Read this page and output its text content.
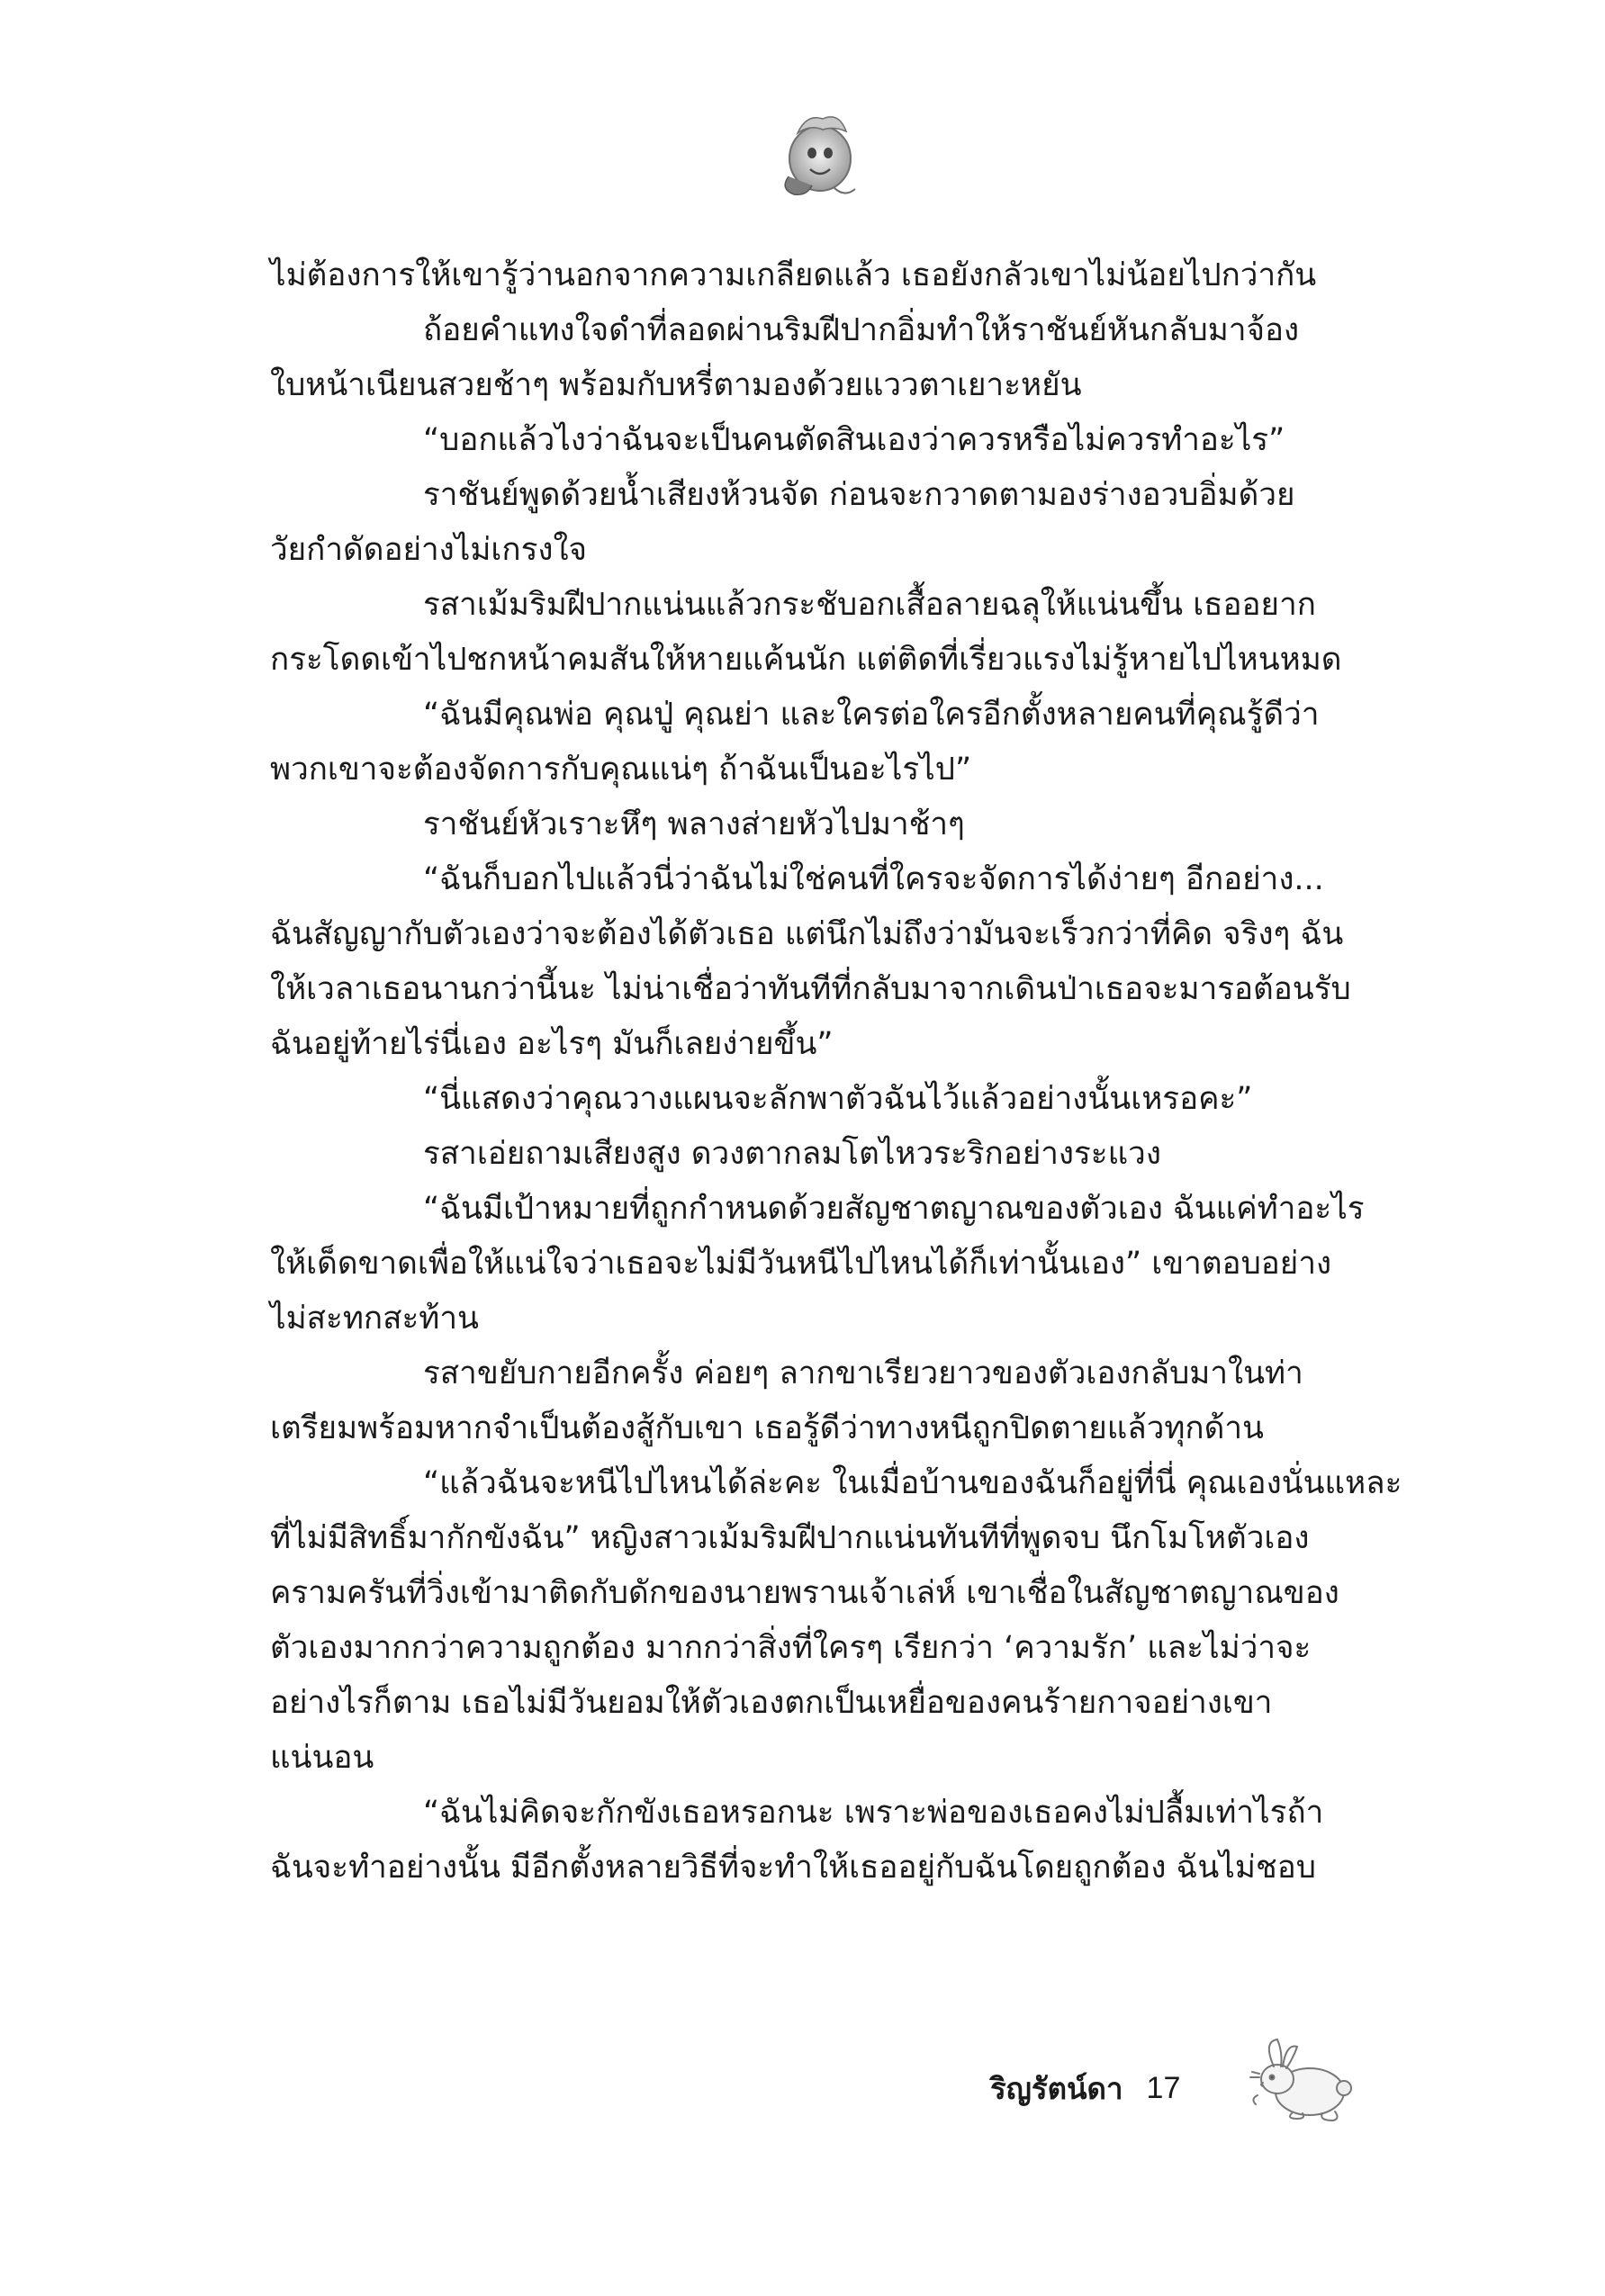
ไม่ต้องการให้เขารู้ว่านอกจากความเกลียดแล้ว เธอยังกลัวเขาไม่น้อยไปกว่ากัน
ถ้อยคำแทงใจดำที่ลอดผ่านริมฝีปากอิ่มทำให้ราชันย์หันกลับมาจ้อง
ใบหน้าเนียนสวยช้าๆ พร้อมกับหรี่ตามองด้วยแววตาเยาะหยัน
“บอกแล้วไงว่าฉันจะเป็นคนตัดสินเองว่าควรหรือไม่ควรทำอะไร”
ราชันย์พูดด้วยน้ำเสียงห้วนจัด ก่อนจะกวาดตามองร่างอวบอิ่มด้วย
วัยกำดัดอย่างไม่เกรงใจ
รสาเม้มริมฝีปากแน่นแล้วกระชับอกเสื้อลายฉลุให้แน่นขึ้น เธออยาก
กระโดดเข้าไปชกหน้าคมสันให้หายแค้นนัก แต่ติดที่เรี่ยวแรงไม่รู้หายไปไหนหมด
“ฉันมีคุณพ่อ คุณปู่ คุณย่า และใครต่อใครอีกตั้งหลายคนที่คุณรู้ดีว่า
พวกเขาจะต้องจัดการกับคุณแน่ๆ ถ้าฉันเป็นอะไรไป”
ราชันย์หัวเราะหึๆ พลางส่ายหัวไปมาช้าๆ
“ฉันก็บอกไปแล้วนี่ว่าฉันไม่ใช่คนที่ใครจะจัดการได้ง่ายๆ อีกอย่าง...
ฉันสัญญากับตัวเองว่าจะต้องได้ตัวเธอ แต่นึกไม่ถึงว่ามันจะเร็วกว่าที่คิด จริงๆ ฉัน
ให้เวลาเธอนานกว่านี้นะ ไม่น่าเชื่อว่าทันทีที่กลับมาจากเดินป่าเธอจะมารอต้อนรับ
ฉันอยู่ท้ายไร่นี่เอง อะไรๆ มันก็เลยง่ายขึ้น”
“นี่แสดงว่าคุณวางแผนจะลักพาตัวฉันไว้แล้วอย่างนั้นเหรอคะ”
รสาเอ่ยถามเสียงสูง ดวงตากลมโตไหวระริกอย่างระแวง
“ฉันมีเป้าหมายที่ถูกกำหนดด้วยสัญชาตญาณของตัวเอง ฉันแค่ทำอะไร
ให้เด็ดขาดเพื่อให้แน่ใจว่าเธอจะไม่มีวันหนีไปไหนได้ก็เท่านั้นเอง” เขาตอบอย่าง
ไม่สะทกสะท้าน
รสาขยับกายอีกครั้ง ค่อยๆ ลากขาเรียวยาวของตัวเองกลับมาในท่า
เตรียมพร้อมหากจำเป็นต้องสู้กับเขา เธอรู้ดีว่าทางหนีถูกปิดตายแล้วทุกด้าน
“แล้วฉันจะหนีไปไหนได้ล่ะคะ ในเมื่อบ้านของฉันก็อยู่ที่นี่ คุณเองนั่นแหละ
ที่ไม่มีสิทธิ์มากักขังฉัน” หญิงสาวเม้มริมฝีปากแน่นทันทีที่พูดจบ นึกโมโหตัวเอง
ครามครันที่วิ่งเข้ามาติดกับดักของนายพรานเจ้าเล่ห์ เขาเชื่อในสัญชาตญาณของ
ตัวเองมากกว่าความถูกต้อง มากกว่าสิ่งที่ใครๆ เรียกว่า ‘ความรัก’ และไม่ว่าจะ
อย่างไรก็ตาม เธอไม่มีวันยอมให้ตัวเองตกเป็นเหยื่อของคนร้ายกาจอย่างเขา
แน่นอน
“ฉันไม่คิดจะกักขังเธอหรอกนะ เพราะพ่อของเธอคงไม่ปลื้มเท่าไรถ้า
ฉันจะทำอย่างนั้น มีอีกตั้งหลายวิธีที่จะทำให้เธออยู่กับฉันโดยถูกต้อง ฉันไม่ชอบ
ริญรัตน์ดา 17
